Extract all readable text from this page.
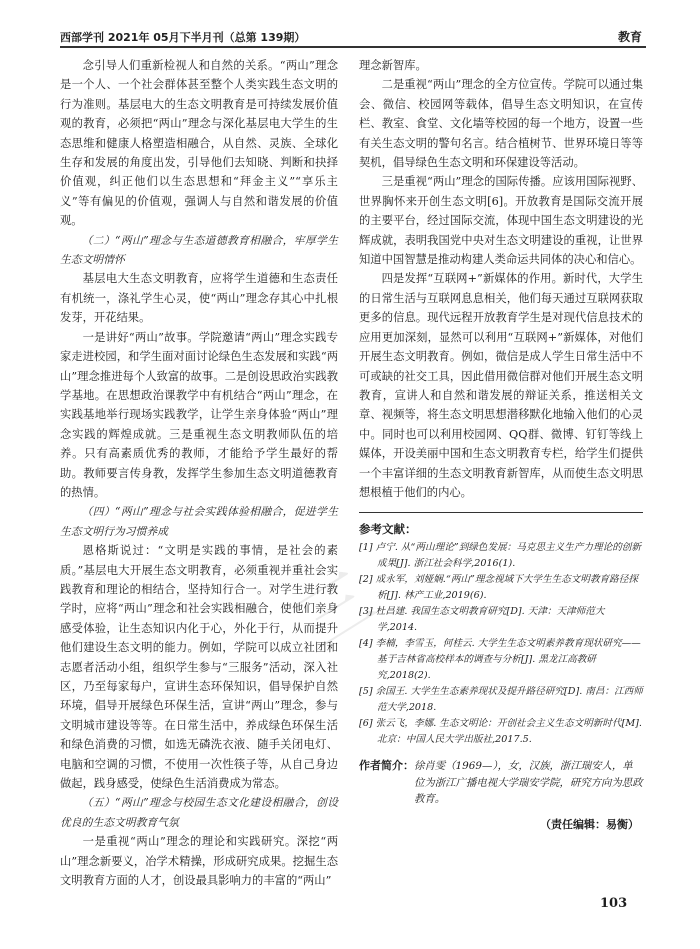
西部学刊 2021年 05月下半月刊（总第 139期）	教育

念引导人们重新检视人和自然的关系。“两山”理念是一个人、一个社会群体甚至整个人类实践生态文明的行为准则。基层电大的生态文明教育是可持续发展价值观的教育，必须把“两山”理念与深化基层电大学生的生态思维和健康人格塑造相融合，从自然、灵族、全球化生存和发展的角度出发，引导他们去知晓、判断和抉择价值观，纠正他们以生态思想和“拜金主义”“享乐主义”等有偏见的价值观，强调人与自然和谐发展的价值观。

（二）“两山”理念与生态道德教育相融合，牢厚学生生态文明情怀

基层电大生态文明教育，应将学生道德和生态责任有机统一，涤礼学生心灵，使“两山”理念存其心中扎根发芽，开花结果。

一是讲好“两山”故事。学院邀请“两山”理念实践专家走进校园，和学生面对面讨论绿色生态发展和实践“两山”理念推进每个人致富的故事。二是创设思政治实践教学基地。在思想政治课教学中有机结合“两山”理念，在实践基地举行现场实践教学，让学生亲身体验“两山”理念实践的辉煌成就。三是重视生态文明教师队伍的培养。只有高素质优秀的教师，才能给予学生最好的帮助。教师要言传身教，发挥学生参加生态文明道德教育的热情。

（四）“两山”理念与社会实践体验相融合，促进学生生态文明行为习惯养成

恩格斯说过：“文明是实践的事情，是社会的素质。”基层电大开展生态文明教育，必须重视并重社会实践教育和理论的相结合，坚持知行合一。对学生进行教学时，应将“两山”理念和社会实践相融合，使他们亲身感受体验，让生态知识内化于心，外化于行，从而提升他们建设生态文明的能力。例如，学院可以成立社团和志愿者活动小组，组织学生参与“三服务”活动，深入社区，乃至每家每户，宣讲生态环保知识，倡导保护自然环境，倡导开展绿色环保生活，宣讲“两山”理念，参与文明城市建设等等。在日常生活中，养成绿色环保生活和绿色消费的习惯，如选无磷洗衣液、随手关闭电灯、电脑和空调的习惯，不使用一次性筷子等，从自己身边做起，践身感受，使绿色生活消费成为常态。

（五）“两山”理念与校园生态文化建设相融合，创设优良的生态文明教育气氛

一是重视“两山”理念的理论和实践研究。深挖“两山”理念新要义，冶学术精操，形成研究成果。挖掘生态文明教育方面的人才，创设最具影响力的丰富的“两山”

理念新智库。

二是重视“两山”理念的全方位宣传。学院可以通过集会、微信、校园网等载体，倡导生态文明知识，在宣传栏、教室、食堂、文化墙等校园的每一个地方，设置一些有关生态文明的警句名言。结合植树节、世界环境日等等契机，倡导绿色生态文明和环保建设等活动。

三是重视“两山”理念的国际传播。应该用国际视野、世界胸怀来开创生态文明[6]。开放教育是国际交流开展的主要平台，经过国际交流，体现中国生态文明建设的光辉成就，表明我国党中央对生态文明建设的重视，让世界知道中国智慧是推动构建人类命运共同体的决心和信心。

四是发挥“互联网+”新媒体的作用。新时代，大学生的日常生活与互联网息息相关，他们每天通过互联网获取更多的信息。现代远程开放教育学生是对现代信息技术的应用更加深刻，显然可以利用“互联网+”新媒体，对他们开展生态文明教育。例如，微信是成人学生日常生活中不可或缺的社交工具，因此借用微信群对他们开展生态文明教育，宣讲人和自然和谐发展的辩证关系，推送相关文章、视频等，将生态文明思想潜移默化地输入他们的心灵中。同时也可以利用校园网、QQ群、微博、钉钉等线上媒体，开设美丽中国和生态文明教育专栏，给学生们提供一个丰富详细的生态文明教育新智库，从而使生态文明思想根植于他们的内心。

参考文献：

[1] 卢宁. 从“两山理论”到绿色发展：马克思主义生产力理论的创新成果[J]. 浙江社会科学,2016(1).

[2] 成永军，刘娅娴.“两山”理念视域下大学生生态文明教育路径探析[J]. 林产工业,2019(6).

[3] 杜昌建. 我国生态文明教育研究[D]. 天津：天津师范大学,2014.

[4] 李楠，李雪玉，何桂云. 大学生生态文明素养教育现状研究——基于吉林省高校样本的调查与分析[J]. 黑龙江高教研究,2018(2).

[5] 余国王. 大学生生态素养现状及提升路径研究[D]. 南昌：江西师范大学,2018.

[6] 张云飞，李娜. 生态文明论：开创社会主义生态文明新时代[M]. 北京：中国人民大学出版社,2017.5.

作者简介：徐肖雯（1969—），女，汉族，浙江瑞安人，单位为浙江广播电视大学瑞安学院，研究方向为思政教育。

（责任编辑：易衡）
三
103
